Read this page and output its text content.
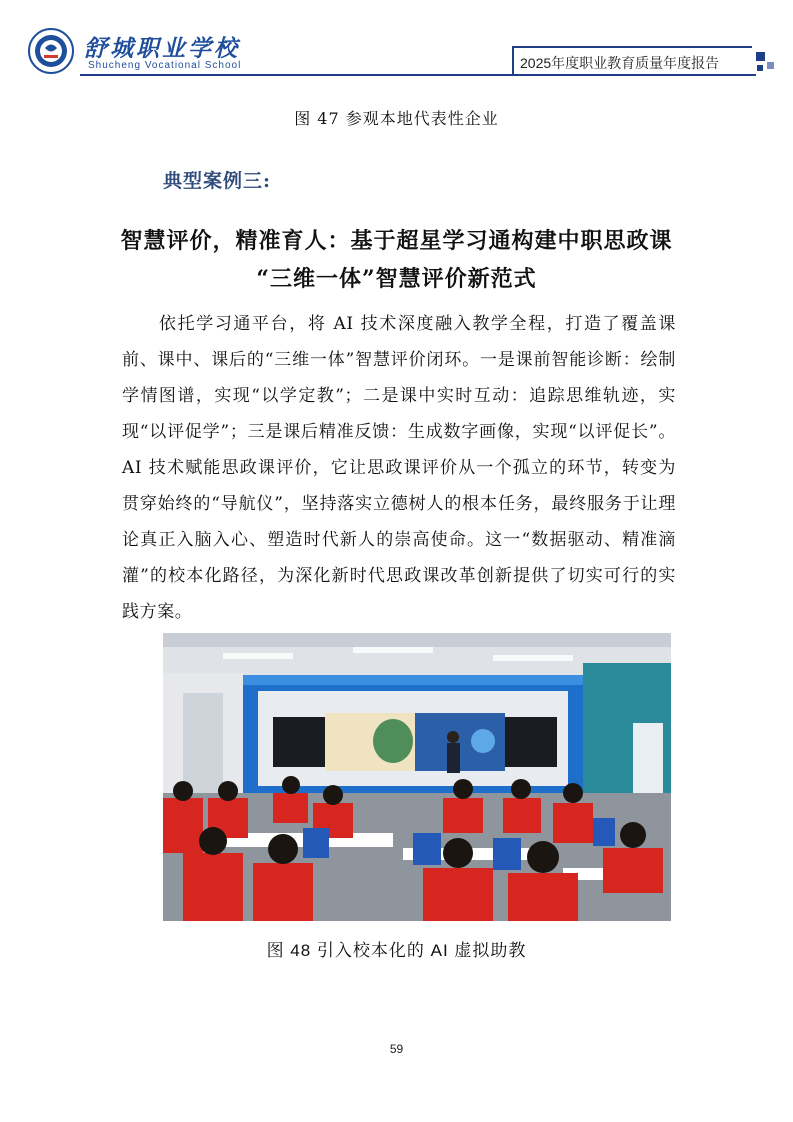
舒城职业学校
Shucheng Vocational School	2025年度职业教育质量年度报告
图 47 参观本地代表性企业
典型案例三:
智慧评价，精准育人：基于超星学习通构建中职思政课
“三维一体”智慧评价新范式
依托学习通平台，将 AI 技术深度融入教学全程，打造了覆盖课前、课中、课后的“三维一体”智慧评价闭环。一是课前智能诊断：绘制学情图谱，实现“以学定教”；二是课中实时互动：追踪思维轨迹，实现“以评促学”；三是课后精准反馈：生成数字画像，实现“以评促长”。AI 技术赋能思政课评价，它让思政课评价从一个孤立的环节，转变为贯穿始终的“导航仪”，坚持落实立德树人的根本任务，最终服务于让理论真正入脑入心、塑造时代新人的崇高使命。这一“数据驱动、精准滴灌”的校本化路径，为深化新时代思政课改革创新提供了切实可行的实践方案。
图 48 引入校本化的 AI 虚拟助教
59
